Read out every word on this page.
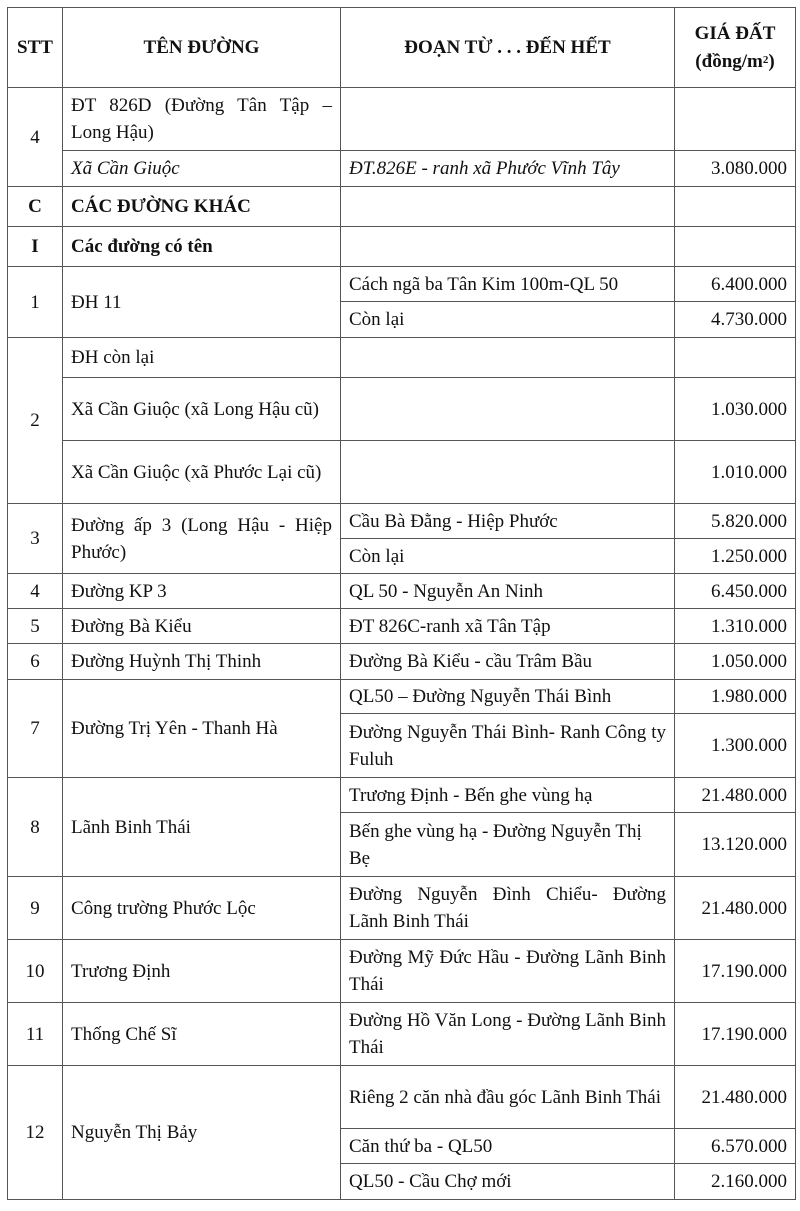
STT	TÊN ĐƯỜNG	ĐOẠN TỪ . . . ĐẾN HẾT	GIÁ ĐẤT
$(đồng/m^2)$

4	ĐT 826D (Đường Tân Tập – Long Hậu)		
	Xã Cần Giuộc	ĐT.826E - ranh xã Phước Vĩnh Tây	3.080.000
C	CÁC ĐƯỜNG KHÁC		
I	Các đường có tên		
1	ĐH 11	Cách ngã ba Tân Kim 100m-QL 50	6.400.000
		Còn lại	4.730.000
2	ĐH còn lại		
	Xã Cần Giuộc (xã Long Hậu cũ)		1.030.000
	Xã Cần Giuộc (xã Phước Lại cũ)		1.010.000
3	Đường ấp 3 (Long Hậu - Hiệp Phước)	Cầu Bà Đằng - Hiệp Phước	5.820.000
		Còn lại	1.250.000
4	Đường KP 3	QL 50 - Nguyễn An Ninh	6.450.000
5	Đường Bà Kiểu	ĐT 826C-ranh xã Tân Tập	1.310.000
6	Đường Huỳnh Thị Thinh	Đường Bà Kiểu - cầu Trâm Bầu	1.050.000
7	Đường Trị Yên - Thanh Hà	QL50 – Đường Nguyễn Thái Bình	1.980.000
		Đường Nguyễn Thái Bình- Ranh Công ty Fuluh	1.300.000
8	Lãnh Binh Thái	Trương Định - Bến ghe vùng hạ	21.480.000
		Bến ghe vùng hạ - Đường Nguyễn Thị Bẹ	13.120.000
9	Công trường Phước Lộc	Đường Nguyễn Đình Chiểu- Đường Lãnh Binh Thái	21.480.000
10	Trương Định	Đường Mỹ Đức Hầu - Đường Lãnh Binh Thái	17.190.000
11	Thống Chế Sĩ	Đường Hồ Văn Long - Đường Lãnh Binh Thái	17.190.000
12	Nguyễn Thị Bảy	Riêng 2 căn nhà đầu góc Lãnh Binh Thái	21.480.000
		Căn thứ ba - QL50	6.570.000
		QL50 - Cầu Chợ mới	2.160.000
